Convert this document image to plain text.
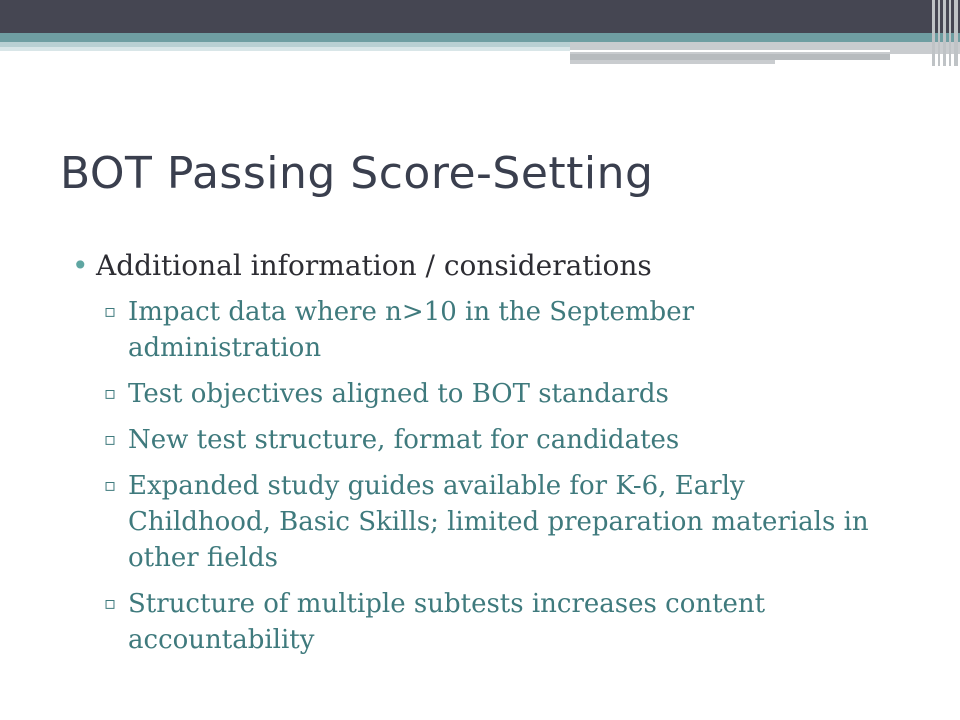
BOT Passing Score-Setting
• Additional information / considerations
▫ Impact data where n>10 in the September administration
▫ Test objectives aligned to BOT standards
▫ New test structure, format for candidates
▫ Expanded study guides available for K-6, Early Childhood, Basic Skills; limited preparation materials in other fields
▫ Structure of multiple subtests increases content accountability
